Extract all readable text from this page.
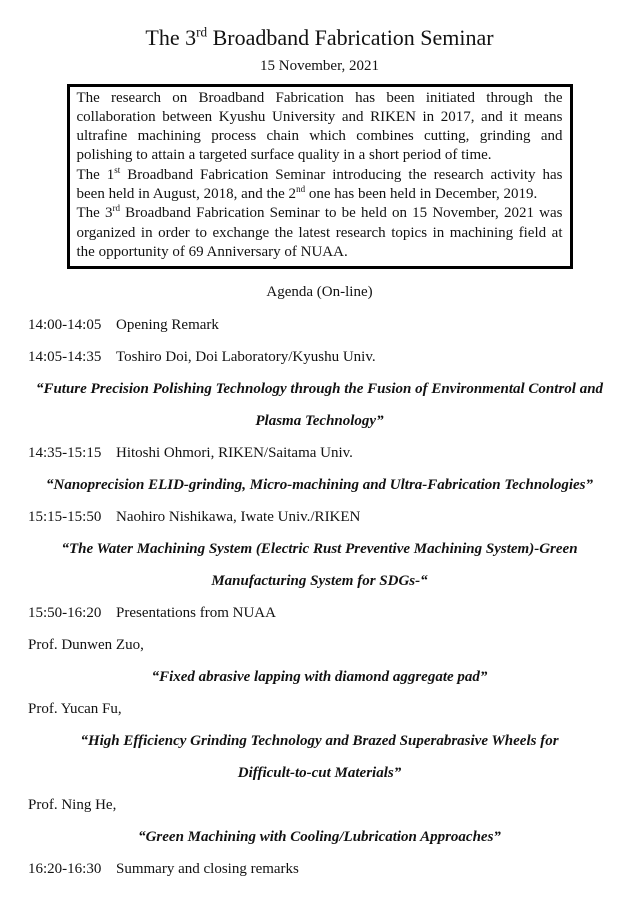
The 3rd Broadband Fabrication Seminar
15 November, 2021

The research on Broadband Fabrication has been initiated through the collaboration between Kyushu University and RIKEN in 2017, and it means ultrafine machining process chain which combines cutting, grinding and polishing to attain a targeted surface quality in a short period of time.

The 1st Broadband Fabrication Seminar introducing the research activity has been held in August, 2018, and the 2nd one has been held in December, 2019.

The 3rd Broadband Fabrication Seminar to be held on 15 November, 2021 was organized in order to exchange the latest research topics in machining field at the opportunity of 69 Anniversary of NUAA.

Agenda (On-line)
14:00-14:05 Opening Remark
14:05-14:35 Toshiro Doi, Doi Laboratory/Kyushu Univ.
“Future Precision Polishing Technology through the Fusion of Environmental Control and
Plasma Technology”
14:35-15:15 Hitoshi Ohmori, RIKEN/Saitama Univ.
“Nanoprecision ELID-grinding, Micro-machining and Ultra-Fabrication Technologies”
15:15-15:50 Naohiro Nishikawa, Iwate Univ./RIKEN
“The Water Machining System (Electric Rust Preventive Machining System)-Green
Manufacturing System for SDGs-“
15:50-16:20 Presentations from NUAA
Prof. Dunwen Zuo,
“Fixed abrasive lapping with diamond aggregate pad”
Prof. Yucan Fu,
“High Efficiency Grinding Technology and Brazed Superabrasive Wheels for
Difficult-to-cut Materials”
Prof. Ning He,
“Green Machining with Cooling/Lubrication Approaches”
16:20-16:30 Summary and closing remarks
